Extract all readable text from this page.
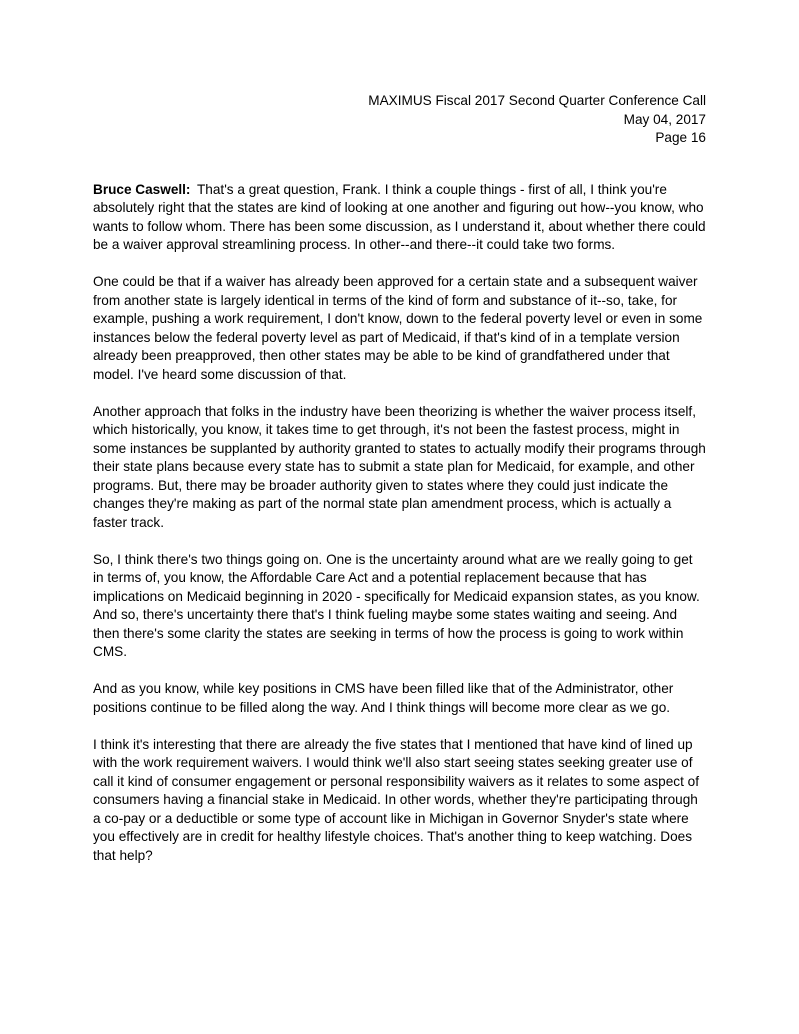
MAXIMUS Fiscal 2017 Second Quarter Conference Call
May 04, 2017
Page 16

Bruce Caswell: That's a great question, Frank. I think a couple things - first of all, I think you're absolutely right that the states are kind of looking at one another and figuring out how--you know, who wants to follow whom. There has been some discussion, as I understand it, about whether there could be a waiver approval streamlining process. In other--and there--it could take two forms.

One could be that if a waiver has already been approved for a certain state and a subsequent waiver from another state is largely identical in terms of the kind of form and substance of it--so, take, for example, pushing a work requirement, I don't know, down to the federal poverty level or even in some instances below the federal poverty level as part of Medicaid, if that's kind of in a template version already been preapproved, then other states may be able to be kind of grandfathered under that model. I've heard some discussion of that.

Another approach that folks in the industry have been theorizing is whether the waiver process itself, which historically, you know, it takes time to get through, it's not been the fastest process, might in some instances be supplanted by authority granted to states to actually modify their programs through their state plans because every state has to submit a state plan for Medicaid, for example, and other programs. But, there may be broader authority given to states where they could just indicate the changes they're making as part of the normal state plan amendment process, which is actually a faster track.

So, I think there's two things going on. One is the uncertainty around what are we really going to get in terms of, you know, the Affordable Care Act and a potential replacement because that has implications on Medicaid beginning in 2020 - specifically for Medicaid expansion states, as you know. And so, there's uncertainty there that's I think fueling maybe some states waiting and seeing. And then there's some clarity the states are seeking in terms of how the process is going to work within CMS.

And as you know, while key positions in CMS have been filled like that of the Administrator, other positions continue to be filled along the way. And I think things will become more clear as we go.

I think it's interesting that there are already the five states that I mentioned that have kind of lined up with the work requirement waivers. I would think we'll also start seeing states seeking greater use of call it kind of consumer engagement or personal responsibility waivers as it relates to some aspect of consumers having a financial stake in Medicaid. In other words, whether they're participating through a co-pay or a deductible or some type of account like in Michigan in Governor Snyder's state where you effectively are in credit for healthy lifestyle choices. That's another thing to keep watching. Does that help?
